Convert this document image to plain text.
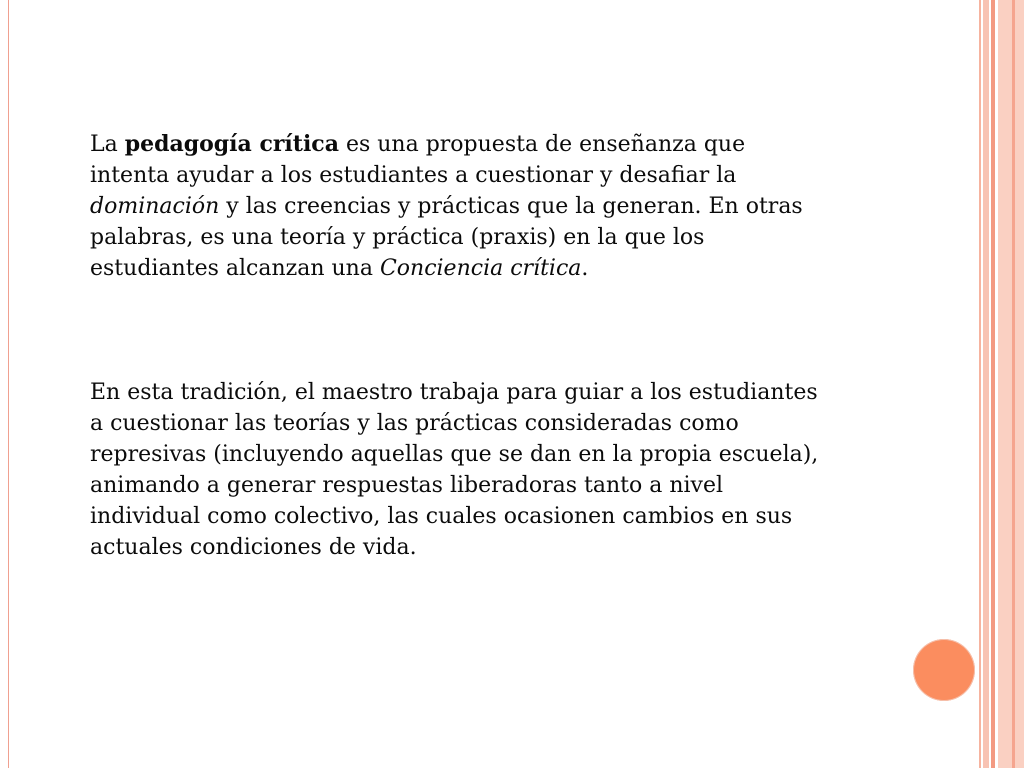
La pedagogía crítica es una propuesta de enseñanza que intenta ayudar a los estudiantes a cuestionar y desafiar la dominación y las creencias y prácticas que la generan. En otras palabras, es una teoría y práctica (praxis) en la que los estudiantes alcanzan una Conciencia crítica.

En esta tradición, el maestro trabaja para guiar a los estudiantes a cuestionar las teorías y las prácticas consideradas como represivas (incluyendo aquellas que se dan en la propia escuela), animando a generar respuestas liberadoras tanto a nivel individual como colectivo, las cuales ocasionen cambios en sus actuales condiciones de vida.
